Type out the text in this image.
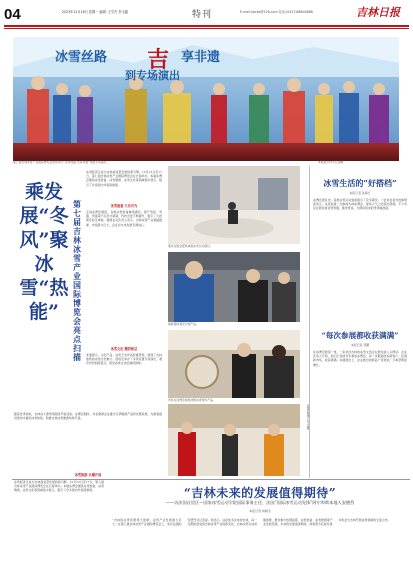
04	2023年12月18日 星期一 编辑: 王学杰 李玉鑫	特刊	E-mail:jlwrbz@126.com 电话:(0431)88600688	吉林日报
冰雪丝路 吉 享非遗
到专场演出
第七届吉林冰雪产业国际博览会现场举行“冰雪丝路 吉享非遗”非遗专场演出。	本版图片均为记者摄
乘发展“冬风”聚冰雪“热能”
第七届吉林冰雪产业国际博览会亮点扫描
冰雪经济正成为吉林高质量发展的新引擎。12月15日至17日，第七届吉林冰雪产业国际博览会在长春举办。本届冰博会围绕冰雪装备、冰雪旅游、冰雪文化等领域集中展示，吸引了众多国内外客商参展。
冰雪装备 大有可为
走进冰博会展馆，各类冰雪装备琳琅满目。国产雪板、雪服、雪镜等产品设计新颖，科技含量不断提升，吸引了大批观众驻足体验。参展企业负责人表示，吉林冰雪产业基础雄厚，市场潜力巨大，企业对未来发展充满信心。
冰雪文化 精彩纷呈
非遗展示、文创产品、冰雪艺术作品轮番登场，展现了吉林独特的冰雪文化魅力。现场还举办了多场非遗专场演出，观众纷纷拍照留念，感受冰雪文化的独特韵味。
随着雪季到来，吉林各大滑雪场陆续开板迎客。冰博会期间，多家旅游企业推出冬季旅游产品和优惠政策，为游客提供更加丰富的冰雪体验，助推吉林冰雪旅游持续升温。
冰雪旅游 火爆开局
观众在展会现场体验冰雪运动项目。
参展商向观众介绍产品。
市民在冰博会现场选购冰雪特色产品。
冰博会现场人气火爆。
冰雪生活的“好搭档”
本报记者 孙春红
冰博会展区内，各类冰雪运动装备吸引了众多观众。一位来自省外的参展商表示，这是他第一次参加吉林冰博会，现场人气之旺超出预期。不少市民在展台前试穿雪服、挑选雪具，为即将到来的雪季做准备。
“每次参展都收获满满”
本报记者 邹鹏
在冰博会展馆一角，一家来自吉林的冰雪文创企业展位前人头攒动。企业负责人介绍，他们已连续多年参加冰博会，每一次都能结识新客户、拓展新市场，收获满满。本届展会上，企业推出的新品广受欢迎，订单量明显增长。
“吉林未来的发展值得期待”
——访法国自贸区—国家冰雪运动学院国际事务主任、法国“国际冰雪运动先锋”阿尔卑斯本地人安德烈
本报记者 杨晓冬
冰雪经济正成为吉林高质量发展的新引擎。12月15日至17日，第七届吉林冰雪产业国际博览会在长春举办。本届冰博会围绕冰雪装备、冰雪旅游、冰雪文化等领域集中展示，吸引了众多国内外客商参展。
“吉林的冰雪资源得天独厚，冰雪产业发展潜力巨大。”在第七届吉林冰雪产业国际博览会上，来自法国的安德烈对记者说。他表示，这是他多次来到吉林，每一次都能感受到吉林冰雪产业的新变化。吉林冰雪运动氛围浓厚，群众参与热情高涨，冰雪装备、冰雪旅游等产业发展迅速，未来的发展值得期待。他希望今后能有更多机会与吉林开展冰雪领域的交流合作。
